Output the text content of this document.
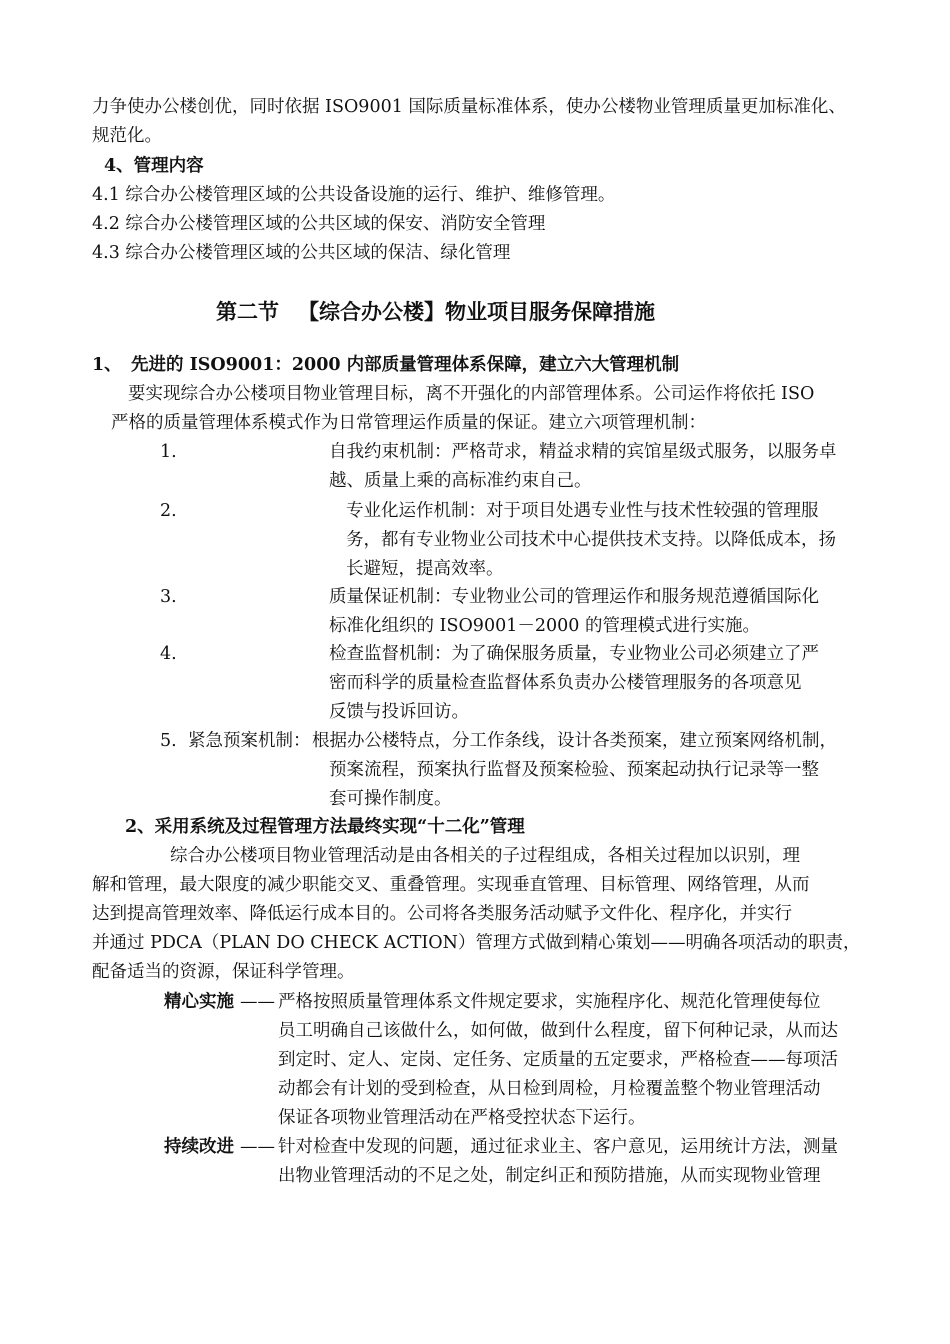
力争使办公楼创优，同时依据 ISO9001 国际质量标准体系，使办公楼物业管理质量更加标准化、
规范化。
4、管理内容
4.1 综合办公楼管理区域的公共设备设施的运行、维护、维修管理。
4.2 综合办公楼管理区域的公共区域的保安、消防安全管理
4.3 综合办公楼管理区域的公共区域的保洁、绿化管理
第二节 【综合办公楼】物业项目服务保障措施
1、 先进的 ISO9001：2000 内部质量管理体系保障，建立六大管理机制
要实现综合办公楼项目物业管理目标，离不开强化的内部管理体系。公司运作将依托 ISO
严格的质量管理体系模式作为日常管理运作质量的保证。建立六项管理机制：
1.	自我约束机制：严格苛求，精益求精的宾馆星级式服务，以服务卓
越、质量上乘的高标准约束自己。
2.	专业化运作机制：对于项目处遇专业性与技术性较强的管理服
务，都有专业物业公司技术中心提供技术支持。以降低成本，扬
长避短，提高效率。
3.	质量保证机制：专业物业公司的管理运作和服务规范遵循国际化
标准化组织的 ISO9001－2000 的管理模式进行实施。
4.	检查监督机制：为了确保服务质量，专业物业公司必须建立了严
密而科学的质量检查监督体系负责办公楼管理服务的各项意见
反馈与投诉回访。
5. 紧急预案机制： 根据办公楼特点，分工作条线，设计各类预案，建立预案网络机制，
预案流程，预案执行监督及预案检验、预案起动执行记录等一整
套可操作制度。
2、采用系统及过程管理方法最终实现“十二化”管理
综合办公楼项目物业管理活动是由各相关的子过程组成，各相关过程加以识别，理
解和管理，最大限度的减少职能交叉、重叠管理。实现垂直管理、目标管理、网络管理，从而
达到提高管理效率、降低运行成本目的。公司将各类服务活动赋予文件化、程序化，并实行
并通过 PDCA（PLAN DO CHECK ACTION）管理方式做到精心策划——明确各项活动的职责，
配备适当的资源，保证科学管理。
精心实施 —— 严格按照质量管理体系文件规定要求，实施程序化、规范化管理使每位
员工明确自己该做什么，如何做，做到什么程度，留下何种记录，从而达
到定时、定人、定岗、定任务、定质量的五定要求，严格检查——每项活
动都会有计划的受到检查，从日检到周检，月检覆盖整个物业管理活动
保证各项物业管理活动在严格受控状态下运行。
持续改进 —— 针对检查中发现的问题，通过征求业主、客户意见，运用统计方法，测量
出物业管理活动的不足之处，制定纠正和预防措施，从而实现物业管理
